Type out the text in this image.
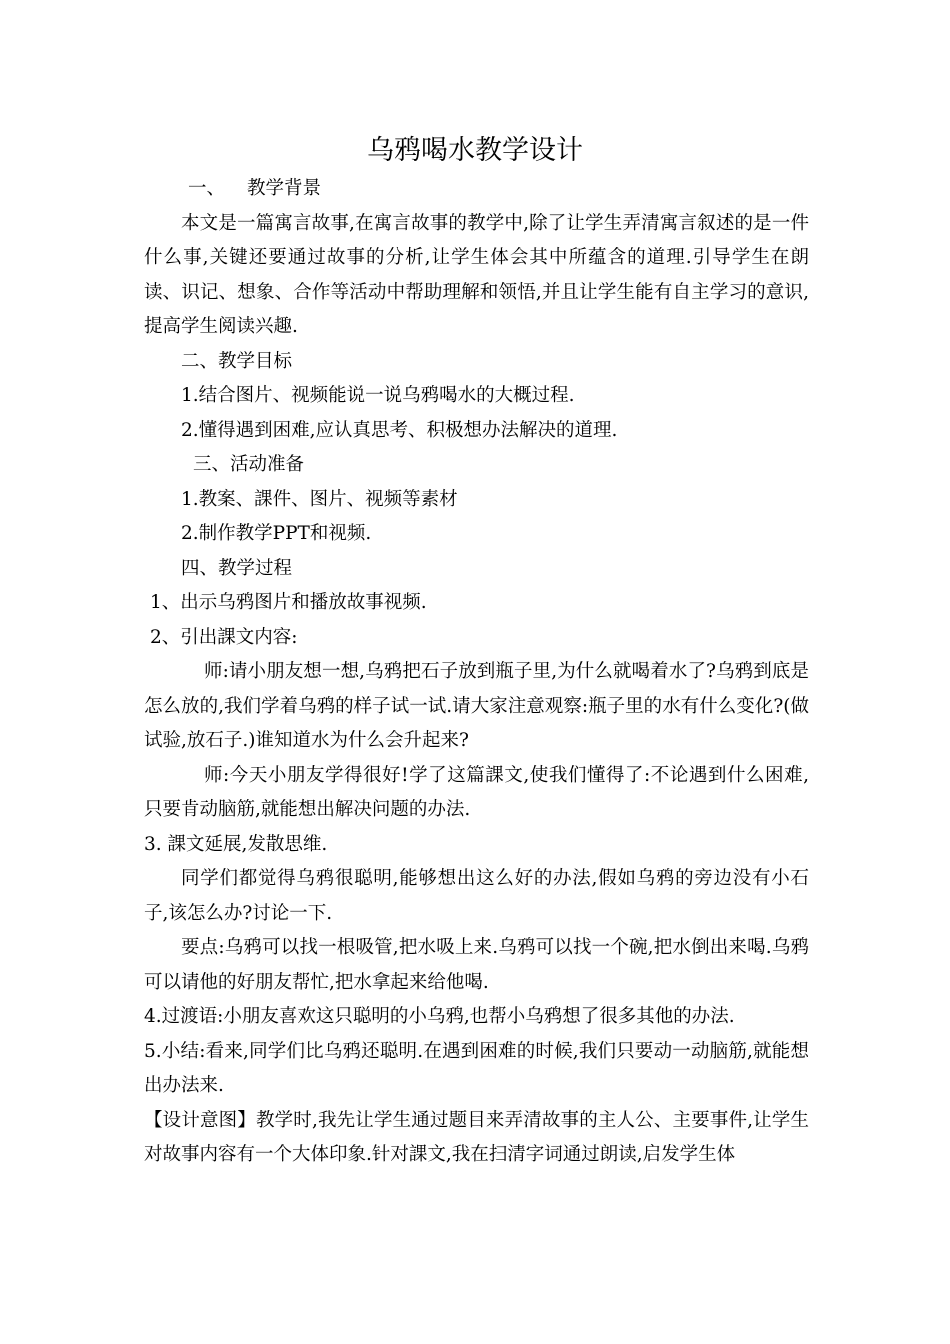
乌鸦喝水教学设计
一、 教学背景
本文是一篇寓言故事,在寓言故事的教学中,除了让学生弄清寓言叙述的是一件什么事,关键还要通过故事的分析,让学生体会其中所蕴含的道理.引导学生在朗读、识记、想象、合作等活动中帮助理解和领悟,并且让学生能有自主学习的意识,提高学生阅读兴趣.
二、教学目标
1.结合图片、视频能说一说乌鸦喝水的大概过程.
2.懂得遇到困难,应认真思考、积极想办法解决的道理.
三、活动准备
1.教案、課件、图片、视频等素材
2.制作教学PPT和视频.
四、教学过程
1、出示乌鸦图片和播放故事视频.
2、引出課文内容:
师:请小朋友想一想,乌鸦把石子放到瓶子里,为什么就喝着水了?乌鸦到底是怎么放的,我们学着乌鸦的样子试一试.请大家注意观察:瓶子里的水有什么变化?(做试验,放石子.)谁知道水为什么会升起来?
师:今天小朋友学得很好!学了这篇課文,使我们懂得了:不论遇到什么困难,只要肯动脑筋,就能想出解决问题的办法.
3. 課文延展,发散思维.
同学们都觉得乌鸦很聪明,能够想出这么好的办法,假如乌鸦的旁边没有小石子,该怎么办?讨论一下.
要点:乌鸦可以找一根吸管,把水吸上来.乌鸦可以找一个碗,把水倒出来喝.乌鸦可以请他的好朋友帮忙,把水拿起来给他喝.
4.过渡语:小朋友喜欢这只聪明的小乌鸦,也帮小乌鸦想了很多其他的办法.
5.小结:看来,同学们比乌鸦还聪明.在遇到困难的时候,我们只要动一动脑筋,就能想出办法来.
【设计意图】教学时,我先让学生通过题目来弄清故事的主人公、主要事件,让学生对故事内容有一个大体印象.针对課文,我在扫清字词通过朗读,启发学生体
